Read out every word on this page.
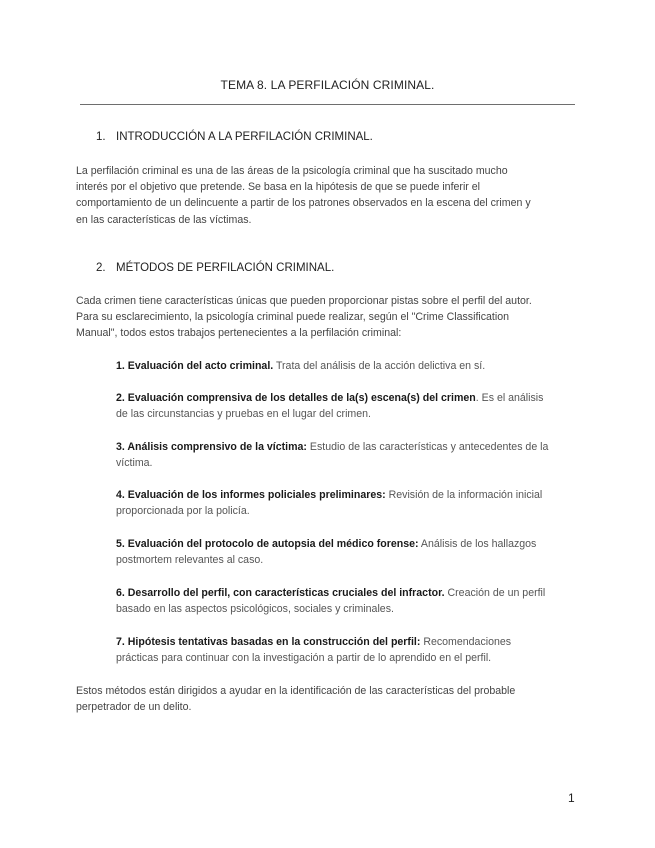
TEMA 8. LA PERFILACIÓN CRIMINAL.
1. INTRODUCCIÓN A LA PERFILACIÓN CRIMINAL.
La perfilación criminal es una de las áreas de la psicología criminal que ha suscitado mucho
interés por el objetivo que pretende. Se basa en la hipótesis de que se puede inferir el
comportamiento de un delincuente a partir de los patrones observados en la escena del crimen y
en las características de las víctimas.
2. MÉTODOS DE PERFILACIÓN CRIMINAL.
Cada crimen tiene características únicas que pueden proporcionar pistas sobre el perfil del autor.
Para su esclarecimiento, la psicología criminal puede realizar, según el "Crime Classification
Manual", todos estos trabajos pertenecientes a la perfilación criminal:
1. Evaluación del acto criminal. Trata del análisis de la acción delictiva en sí.
2. Evaluación comprensiva de los detalles de la(s) escena(s) del crimen. Es el análisis
de las circunstancias y pruebas en el lugar del crimen.
3. Análisis comprensivo de la víctima: Estudio de las características y antecedentes de la
víctima.
4. Evaluación de los informes policiales preliminares: Revisión de la información inicial
proporcionada por la policía.
5. Evaluación del protocolo de autopsia del médico forense: Análisis de los hallazgos
postmortem relevantes al caso.
6. Desarrollo del perfil, con características cruciales del infractor. Creación de un perfil
basado en las aspectos psicológicos, sociales y criminales.
7. Hipótesis tentativas basadas en la construcción del perfil: Recomendaciones
prácticas para continuar con la investigación a partir de lo aprendido en el perfil.
Estos métodos están dirigidos a ayudar en la identificación de las características del probable
perpetrador de un delito.
1
